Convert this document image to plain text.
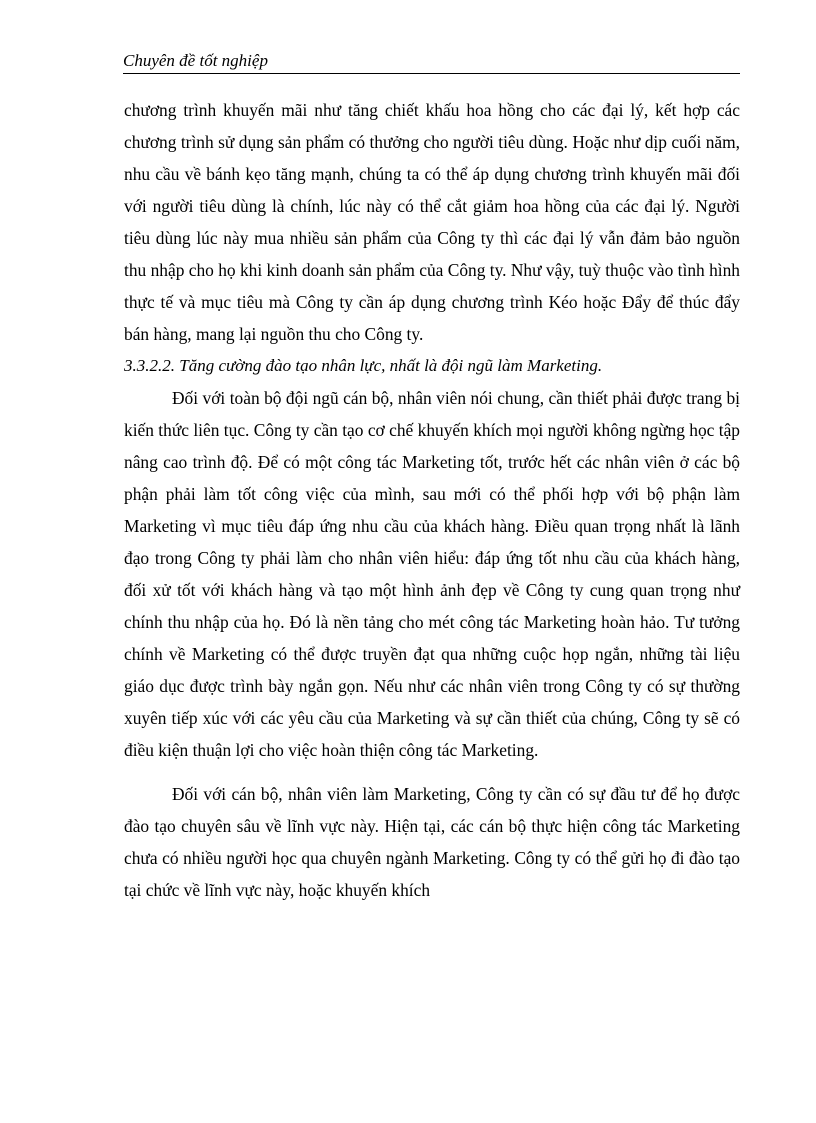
Chuyên đề tốt nghiệp

chương trình khuyến mãi như tăng chiết khấu hoa hồng cho các đại lý, kết hợp các chương trình sử dụng sản phẩm có thưởng cho người tiêu dùng. Hoặc như dịp cuối năm, nhu cầu về bánh kẹo tăng mạnh, chúng ta có thể áp dụng chương trình khuyến mãi đối với người tiêu dùng là chính, lúc này có thể cắt giảm hoa hồng của các đại lý. Người tiêu dùng lúc này mua nhiều sản phẩm của Công ty thì các đại lý vẫn đảm bảo nguồn thu nhập cho họ khi kinh doanh sản phẩm của Công ty. Như vậy, tuỳ thuộc vào tình hình thực tế và mục tiêu mà Công ty cần áp dụng chương trình Kéo hoặc Đẩy để thúc đẩy bán hàng, mang lại nguồn thu cho Công ty.

3.3.2.2. Tăng cường đào tạo nhân lực, nhất là đội ngũ làm Marketing.

Đối với toàn bộ đội ngũ cán bộ, nhân viên nói chung, cần thiết phải được trang bị kiến thức liên tục. Công ty cần tạo cơ chế khuyến khích mọi người không ngừng học tập nâng cao trình độ. Để có một công tác Marketing tốt, trước hết các nhân viên ở các bộ phận phải làm tốt công việc của mình, sau mới có thể phối hợp với bộ phận làm Marketing vì mục tiêu đáp ứng nhu cầu của khách hàng. Điều quan trọng nhất là lãnh đạo trong Công ty phải làm cho nhân viên hiểu: đáp ứng tốt nhu cầu của khách hàng, đối xử tốt với khách hàng và tạo một hình ảnh đẹp về Công ty cung quan trọng như chính thu nhập của họ. Đó là nền tảng cho mét công tác Marketing hoàn hảo. Tư tưởng chính về Marketing có thể được truyền đạt qua những cuộc họp ngắn, những tài liệu giáo dục được trình bày ngắn gọn. Nếu như các nhân viên trong Công ty có sự thường xuyên tiếp xúc với các yêu cầu của Marketing và sự cần thiết của chúng, Công ty sẽ có điều kiện thuận lợi cho việc hoàn thiện công tác Marketing.

Đối với cán bộ, nhân viên làm Marketing, Công ty cần có sự đầu tư để họ được đào tạo chuyên sâu về lĩnh vực này. Hiện tại, các cán bộ thực hiện công tác Marketing chưa có nhiều người học qua chuyên ngành Marketing. Công ty có thể gửi họ đi đào tạo tại chức về lĩnh vực này, hoặc khuyến khích
